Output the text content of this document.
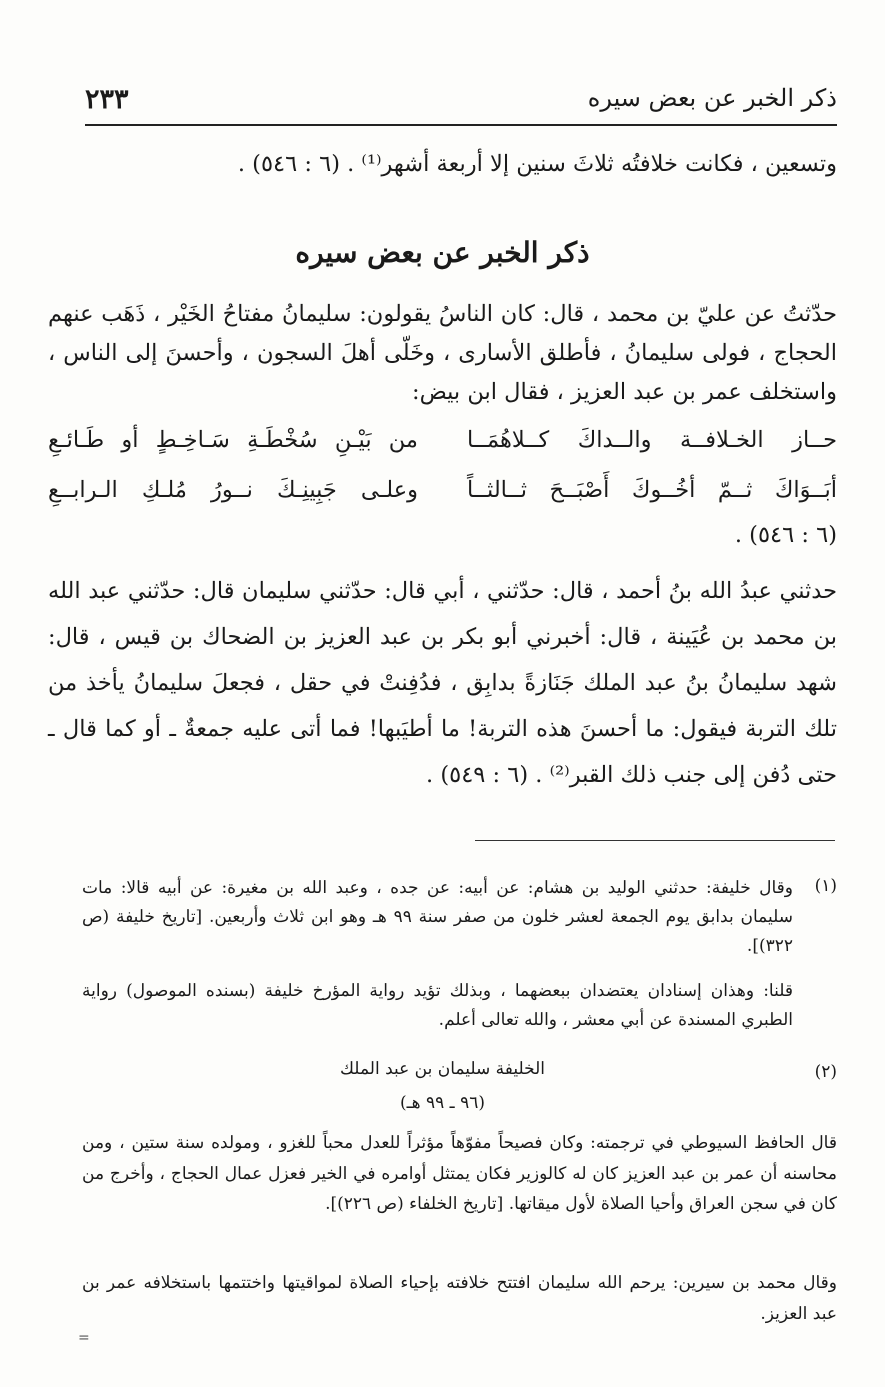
ذكر الخبر عن بعض سيره
٢٣٣

وتسعين ، فكانت خلافتُه ثلاثَ سنين إلا أربعة أشهر⁽¹⁾ . (٦ : ٥٤٦) .

ذكر الخبر عن بعض سيره

حدّثتُ عن عليّ بن محمد ، قال: كان الناسُ يقولون: سليمانُ مفتاحُ الخَيْر ، ذَهَب عنهم الحجاج ، فولى سليمانُ ، فأطلق الأسارى ، وخَلّى أهلَ السجون ، وأحسنَ إلى الناس ، واستخلف عمر بن عبد العزيز ، فقال ابن بيض:

حــاز الخـلافــة والــداكَ كــلاهُمَــا
من بَيْـنِ سُخْطَـةِ سَـاخِـطٍ أو طَـائـعِ
أبَــوَاكَ ثــمّ أخُــوكَ أَصْبَــحَ ثــالثــاً
وعلـى جَبِينِـكَ نــورُ مُلـكِ الـرابــعِ
(٦ : ٥٤٦) .

حدثني عبدُ الله بنُ أحمد ، قال: حدّثني ، أبي قال: حدّثني سليمان قال: حدّثني عبد الله بن محمد بن عُيَينة ، قال: أخبرني أبو بكر بن عبد العزيز بن الضحاك بن قيس ، قال: شهد سليمانُ بنُ عبد الملك جَنَازةً بدابِق ، فدُفِنتْ في حقل ، فجعلَ سليمانُ يأخذ من تلك التربة فيقول: ما أحسنَ هذه التربة! ما أطيَبها! فما أتى عليه جمعةٌ ـ أو كما قال ـ حتى دُفن إلى جنب ذلك القبر⁽²⁾ . (٦ : ٥٤٩) .

(١)

وقال خليفة: حدثني الوليد بن هشام: عن أبيه: عن جده ، وعبد الله بن مغيرة: عن أبيه قالا: مات سليمان بدابق يوم الجمعة لعشر خلون من صفر سنة ٩٩ هـ وهو ابن ثلاث وأربعين. [تاريخ خليفة (ص ٣٢٢)].

قلنا: وهذان إسنادان يعتضدان ببعضهما ، وبذلك تؤيد رواية المؤرخ خليفة (بسنده الموصول) رواية الطبري المسندة عن أبي معشر ، والله تعالى أعلم.

(٢)
الخليفة سليمان بن عبد الملك
(٩٦ ـ ٩٩ هـ)

قال الحافظ السيوطي في ترجمته: وكان فصيحاً مفوّهاً مؤثراً للعدل محباً للغزو ، ومولده سنة ستين ، ومن محاسنه أن عمر بن عبد العزيز كان له كالوزير فكان يمتثل أوامره في الخير فعزل عمال الحجاج ، وأخرج من كان في سجن العراق وأحيا الصلاة لأول ميقاتها. [تاريخ الخلفاء (ص ٢٢٦)].

وقال محمد بن سيرين: يرحم الله سليمان افتتح خلافته بإحياء الصلاة لمواقيتها واختتمها باستخلافه عمر بن عبد العزيز.

=
